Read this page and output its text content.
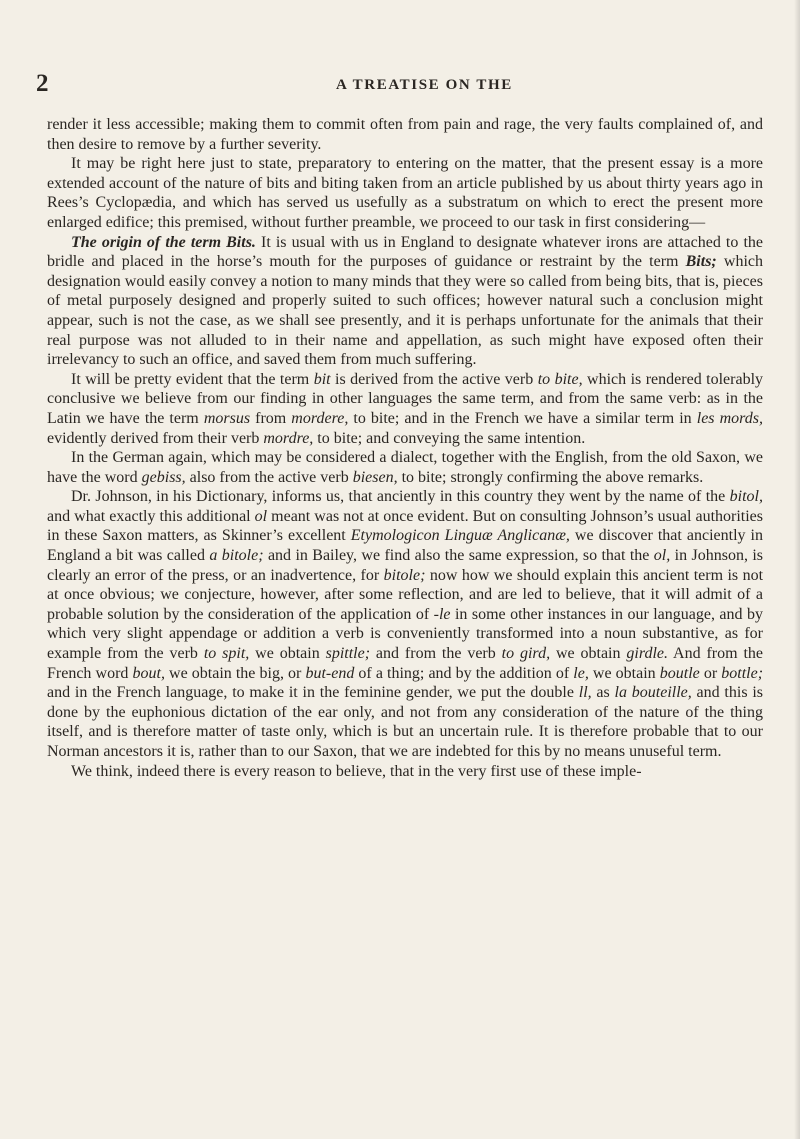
2	A TREATISE ON THE

render it less accessible; making them to commit often from pain and rage, the very faults complained of, and then desire to remove by a further severity.

It may be right here just to state, preparatory to entering on the matter, that the present essay is a more extended account of the nature of bits and biting taken from an article published by us about thirty years ago in Rees’s Cyclopædia, and which has served us usefully as a substratum on which to erect the present more enlarged edifice; this premised, without further preamble, we proceed to our task in first considering—

The origin of the term Bits. It is usual with us in England to designate whatever irons are attached to the bridle and placed in the horse’s mouth for the purposes of guidance or restraint by the term Bits; which designation would easily convey a notion to many minds that they were so called from being bits, that is, pieces of metal purposely designed and properly suited to such offices; however natural such a conclusion might appear, such is not the case, as we shall see presently, and it is perhaps unfortunate for the animals that their real purpose was not alluded to in their name and appellation, as such might have exposed often their irrelevancy to such an office, and saved them from much suffering.

It will be pretty evident that the term bit is derived from the active verb to bite, which is rendered tolerably conclusive we believe from our finding in other languages the same term, and from the same verb: as in the Latin we have the term morsus from mordere, to bite; and in the French we have a similar term in les mords, evidently derived from their verb mordre, to bite; and conveying the same intention.

In the German again, which may be considered a dialect, together with the English, from the old Saxon, we have the word gebiss, also from the active verb biesen, to bite; strongly confirming the above remarks.

Dr. Johnson, in his Dictionary, informs us, that anciently in this country they went by the name of the bitol, and what exactly this additional ol meant was not at once evident. But on consulting Johnson’s usual authorities in these Saxon matters, as Skinner’s excellent Etymologicon Linguæ Anglicanæ, we discover that anciently in England a bit was called a bitole; and in Bailey, we find also the same expression, so that the ol, in Johnson, is clearly an error of the press, or an inadvertence, for bitole; now how we should explain this ancient term is not at once obvious; we conjecture, however, after some reflection, and are led to believe, that it will admit of a probable solution by the consideration of the application of -le in some other instances in our language, and by which very slight appendage or addition a verb is conveniently transformed into a noun substantive, as for example from the verb to spit, we obtain spittle; and from the verb to gird, we obtain girdle. And from the French word bout, we obtain the big, or but-end of a thing; and by the addition of le, we obtain boutle or bottle; and in the French language, to make it in the feminine gender, we put the double ll, as la bouteille, and this is done by the euphonious dictation of the ear only, and not from any consideration of the nature of the thing itself, and is therefore matter of taste only, which is but an uncertain rule. It is therefore probable that to our Norman ancestors it is, rather than to our Saxon, that we are indebted for this by no means unuseful term.

We think, indeed there is every reason to believe, that in the very first use of these imple-
